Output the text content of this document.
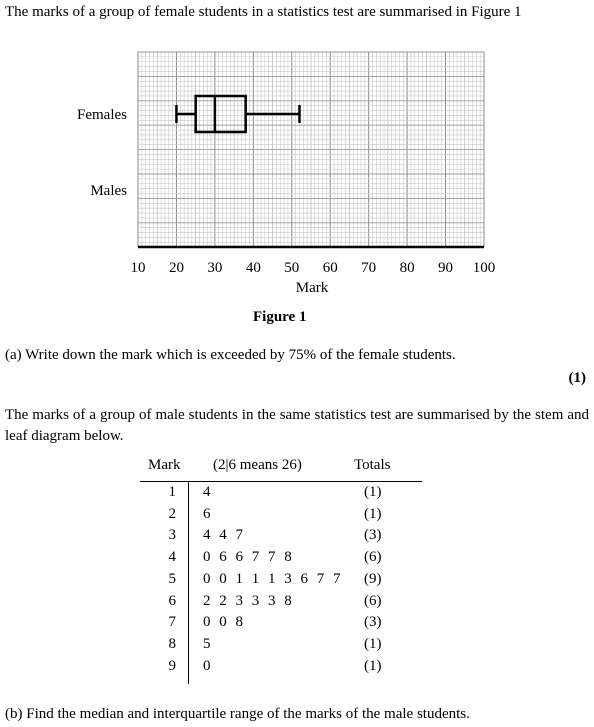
The marks of a group of female students in a statistics test are summarised in Figure 1
Females
Males
10 20 30 40 50 60 70 80 90 100
Mark
Figure 1
(a) Write down the mark which is exceeded by 75% of the female students.
(1)
The marks of a group of male students in the same statistics test are summarised by the stem and leaf diagram below.
Mark (2|6 means 26)	Totals
1 4	(1)
2 6	(1)
3 4 4 7	(3)
4 0 6 6 7 7 8	(6)
5 0 0 1 1 1 3 6 7 7 (9)
6 2 2 3 3 3 8	(6)
7 0 0 8	(3)
8 5	(1)
9 0	(1)
(b) Find the median and interquartile range of the marks of the male students.
